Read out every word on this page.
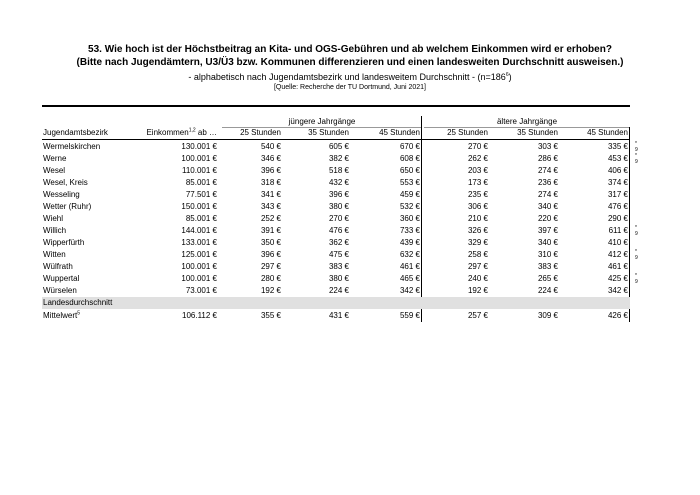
53. Wie hoch ist der Höchstbeitrag an Kita- und OGS-Gebühren und ab welchem Einkommen wird er erhoben?
(Bitte nach Jugendämtern, U3/Ü3 bzw. Kommunen differenzieren und einen landesweiten Durchschnitt ausweisen.)
- alphabetisch nach Jugendamtsbezirk und landesweitem Durchschnitt - $(n=186^6)$
[Quelle: Recherche der TU Dortmund, Juni 2021]
jüngere Jahrgänge	ältere Jahrgänge
Jugendamtsbezirk	Einkommen$^{1,2}$ ab …	25 Stunden	35 Stunden	45 Stunden	25 Stunden	35 Stunden	45 Stunden
Wermelskirchen	130.001 €	540 €	605 €	670 €	270 €	303 €	335 € * 9
Werne	100.001 €	346 €	382 €	608 €	262 €	286 €	453 € * 9
Wesel	110.001 €	396 €	518 €	650 €	203 €	274 €	406 €
Wesel, Kreis	85.001 €	318 €	432 €	553 €	173 €	236 €	374 €
Wesseling	77.501 €	341 €	396 €	459 €	235 €	274 €	317 €
Wetter (Ruhr)	150.001 €	343 €	380 €	532 €	306 €	340 €	476 €
Wiehl	85.001 €	252 €	270 €	360 €	210 €	220 €	290 €
Willich	144.001 €	391 €	476 €	733 €	326 €	397 €	611 € * 9
Wipperfürth	133.001 €	350 €	362 €	439 €	329 €	340 €	410 €
Witten	125.001 €	396 €	475 €	632 €	258 €	310 €	412 € * 9
Wülfrath	100.001 €	297 €	383 €	461 €	297 €	383 €	461 €
Wuppertal	100.001 €	280 €	380 €	465 €	240 €	265 €	425 € * 9
Würselen	73.001 €	192 €	224 €	342 €	192 €	224 €	342 €
Landesdurchschnitt
Mittelwert$^5$	106.112 €	355 €	431 €	559 €	257 €	309 €	426 €
